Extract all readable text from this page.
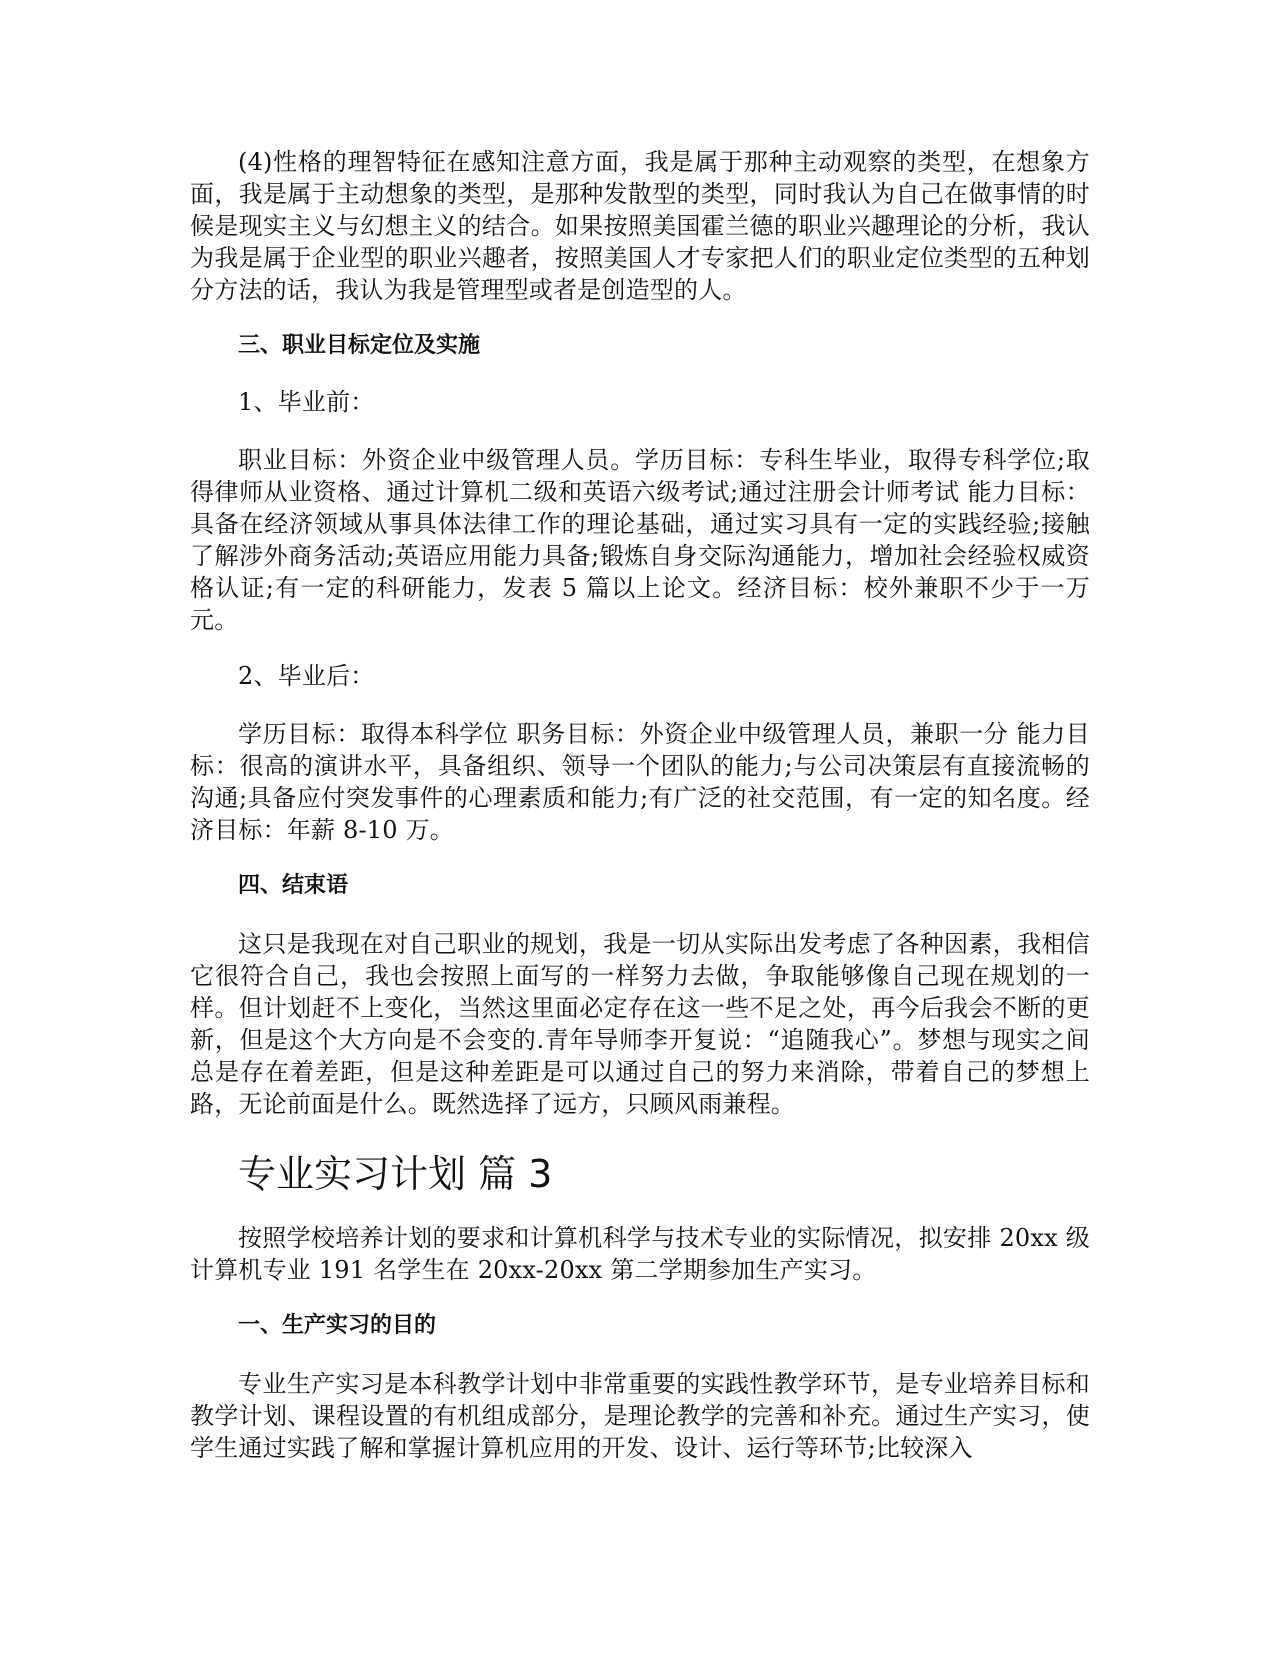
(4)性格的理智特征在感知注意方面，我是属于那种主动观察的类型，在想象方面，我是属于主动想象的类型，是那种发散型的类型，同时我认为自己在做事情的时候是现实主义与幻想主义的结合。如果按照美国霍兰德的职业兴趣理论的分析，我认为我是属于企业型的职业兴趣者，按照美国人才专家把人们的职业定位类型的五种划分方法的话，我认为我是管理型或者是创造型的人。

三、职业目标定位及实施

1、毕业前：

职业目标：外资企业中级管理人员。学历目标：专科生毕业，取得专科学位;取得律师从业资格、通过计算机二级和英语六级考试;通过注册会计师考试 能力目标：具备在经济领域从事具体法律工作的理论基础，通过实习具有一定的实践经验;接触了解涉外商务活动;英语应用能力具备;锻炼自身交际沟通能力，增加社会经验权威资格认证;有一定的科研能力，发表 5 篇以上论文。经济目标：校外兼职不少于一万元。

2、毕业后：

学历目标：取得本科学位 职务目标：外资企业中级管理人员，兼职一分 能力目标：很高的演讲水平，具备组织、领导一个团队的能力;与公司决策层有直接流畅的沟通;具备应付突发事件的心理素质和能力;有广泛的社交范围，有一定的知名度。经济目标：年薪 8-10 万。

四、结束语

这只是我现在对自己职业的规划，我是一切从实际出发考虑了各种因素，我相信它很符合自己，我也会按照上面写的一样努力去做，争取能够像自己现在规划的一样。但计划赶不上变化，当然这里面必定存在这一些不足之处，再今后我会不断的更新，但是这个大方向是不会变的.青年导师李开复说：“追随我心”。梦想与现实之间总是存在着差距，但是这种差距是可以通过自己的努力来消除，带着自己的梦想上路，无论前面是什么。既然选择了远方，只顾风雨兼程。

专业实习计划 篇 3

按照学校培养计划的要求和计算机科学与技术专业的实际情况，拟安排 20xx 级计算机专业 191 名学生在 20xx-20xx 第二学期参加生产实习。

一、生产实习的目的

专业生产实习是本科教学计划中非常重要的实践性教学环节，是专业培养目标和教学计划、课程设置的有机组成部分，是理论教学的完善和补充。通过生产实习，使学生通过实践了解和掌握计算机应用的开发、设计、运行等环节;比较深入
